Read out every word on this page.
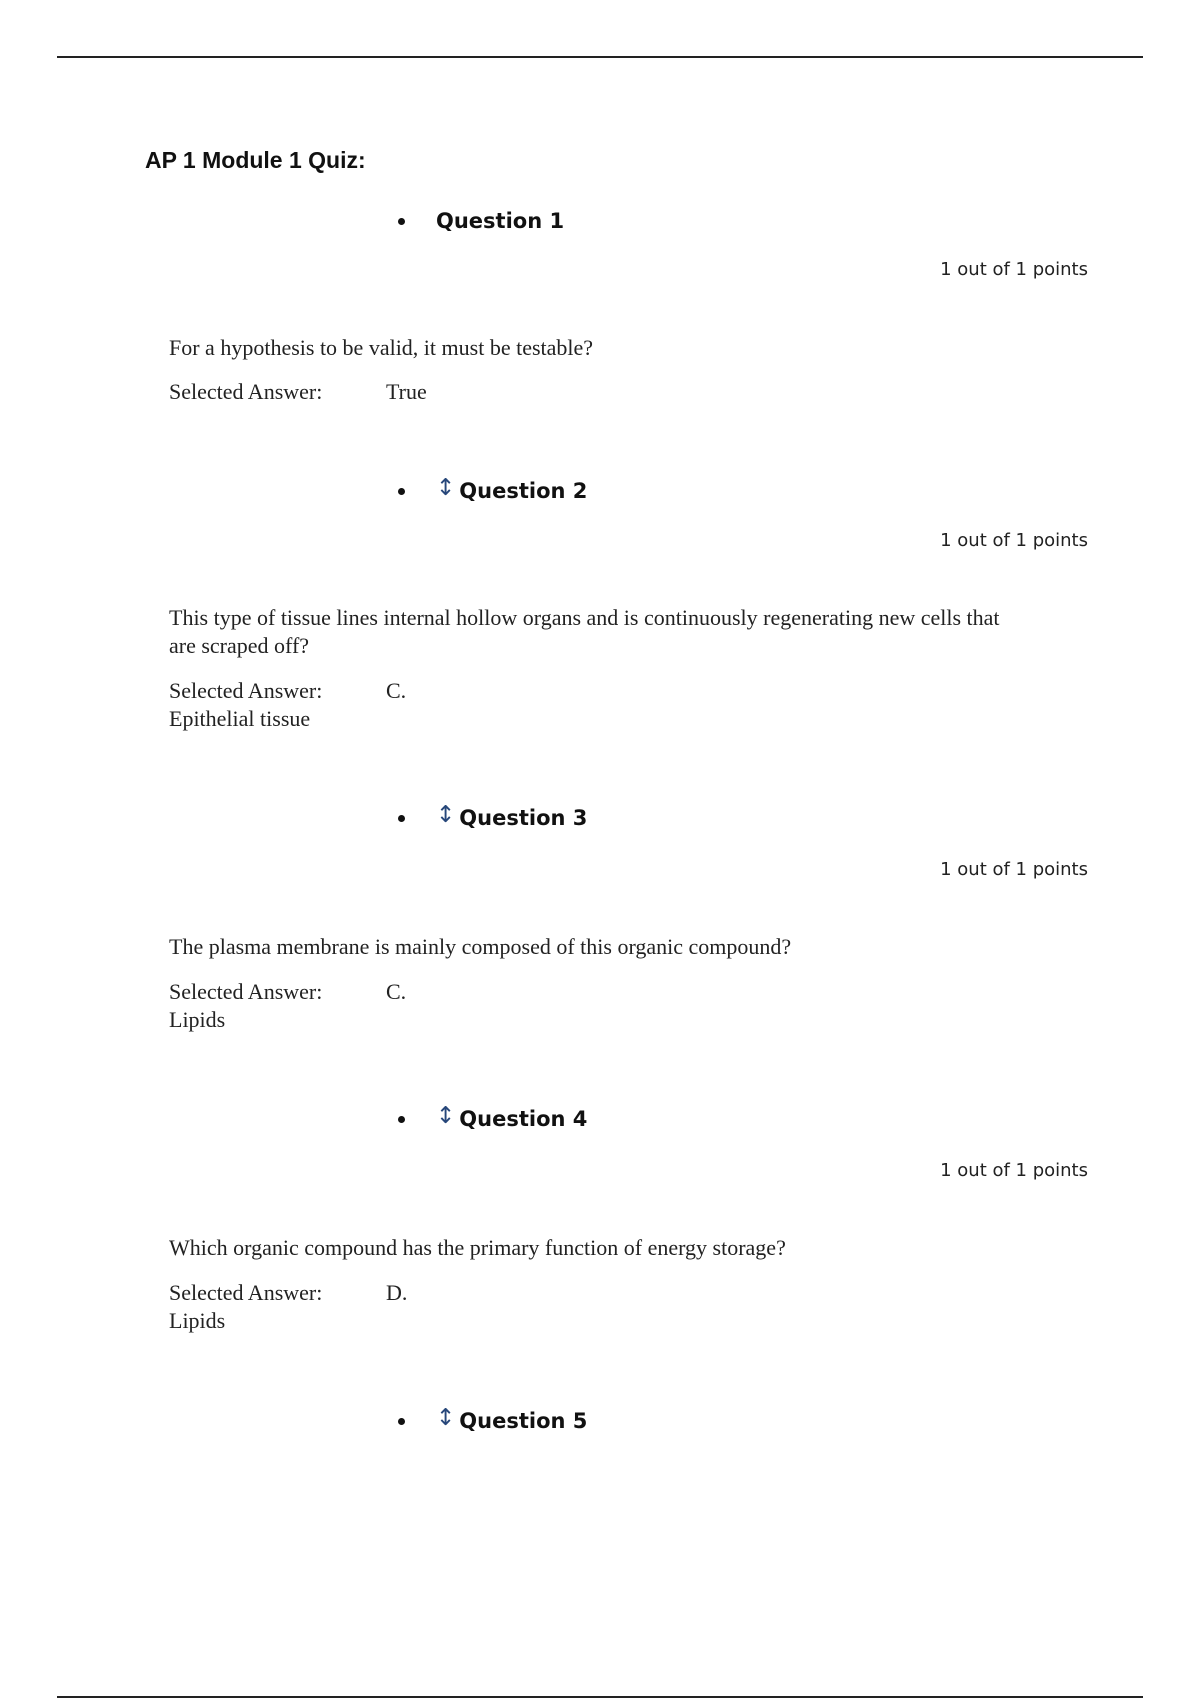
AP 1 Module 1 Quiz:
Question 1
1 out of 1 points

For a hypothesis to be valid, it must be testable?

Selected Answer:	True
↕ Question 2
1 out of 1 points

This type of tissue lines internal hollow organs and is continuously regenerating new cells that are scraped off?

Selected Answer:	C.
Epithelial tissue
↕ Question 3
1 out of 1 points

The plasma membrane is mainly composed of this organic compound?

Selected Answer:	C.
Lipids
↕ Question 4
1 out of 1 points

Which organic compound has the primary function of energy storage?

Selected Answer:	D.
Lipids
↕ Question 5
